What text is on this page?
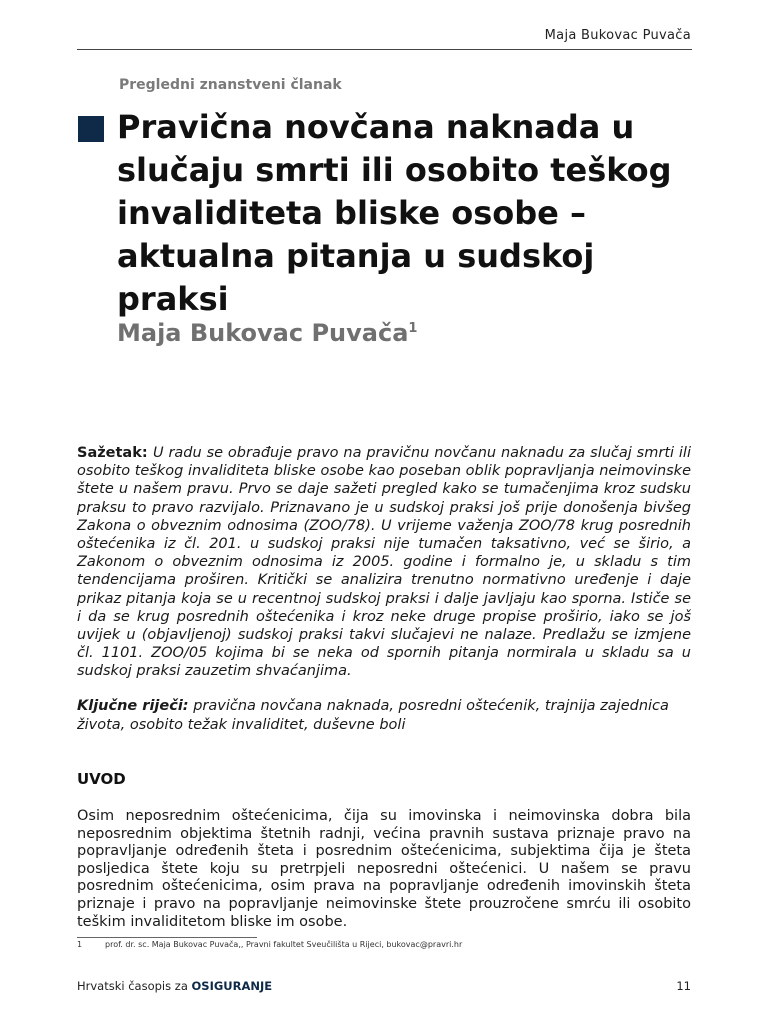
Maja Bukovac Puvača
Pregledni znanstveni članak
Pravična novčana naknada u slučaju smrti ili osobito teškog invaliditeta bliske osobe – aktualna pitanja u sudskoj praksi
Maja Bukovac Puvača$^1$

Sažetak: U radu se obrađuje pravo na pravičnu novčanu naknadu za slučaj smrti ili osobito teškog invaliditeta bliske osobe kao poseban oblik popravljanja neimovinske štete u našem pravu. Prvo se daje sažeti pregled kako se tumačenjima kroz sudsku praksu to pravo razvijalo. Priznavano je u sudskoj praksi još prije donošenja bivšeg Zakona o obveznim odnosima (ZOO/78). U vrijeme važenja ZOO/78 krug posrednih oštećenika iz čl. 201. u sudskoj praksi nije tumačen taksativno, već se širio, a Zakonom o obveznim odnosima iz 2005. godine i formalno je, u skladu s tim tendencijama proširen. Kritički se analizira trenutno normativno uređenje i daje prikaz pitanja koja se u recentnoj sudskoj praksi i dalje javljaju kao sporna. Ističe se i da se krug posrednih oštećenika i kroz neke druge propise proširio, iako se još uvijek u (objavljenoj) sudskoj praksi takvi slučajevi ne nalaze. Predlažu se izmjene čl. 1101. ZOO/05 kojima bi se neka od spornih pitanja normirala u skladu sa u sudskoj praksi zauzetim shvaćanjima.

Ključne riječi: pravična novčana naknada, posredni oštećenik, trajnija zajednica života, osobito težak invaliditet, duševne boli

UVOD

Osim neposrednim oštećenicima, čija su imovinska i neimovinska dobra bila neposrednim objektima štetnih radnji, većina pravnih sustava priznaje pravo na popravljanje određenih šteta i posrednim oštećenicima, subjektima čija je šteta posljedica štete koju su pretrpjeli neposredni oštećenici. U našem se pravu posrednim oštećenicima, osim prava na popravljanje određenih imovinskih šteta priznaje i pravo na popravljanje neimovinske štete prouzročene smrću ili osobito teškim invaliditetom bliske im osobe.

1	prof. dr. sc. Maja Bukovac Puvača,, Pravni fakultet Sveučilišta u Rijeci, bukovac@pravri.hr

Hrvatski časopis za OSIGURANJE	11
